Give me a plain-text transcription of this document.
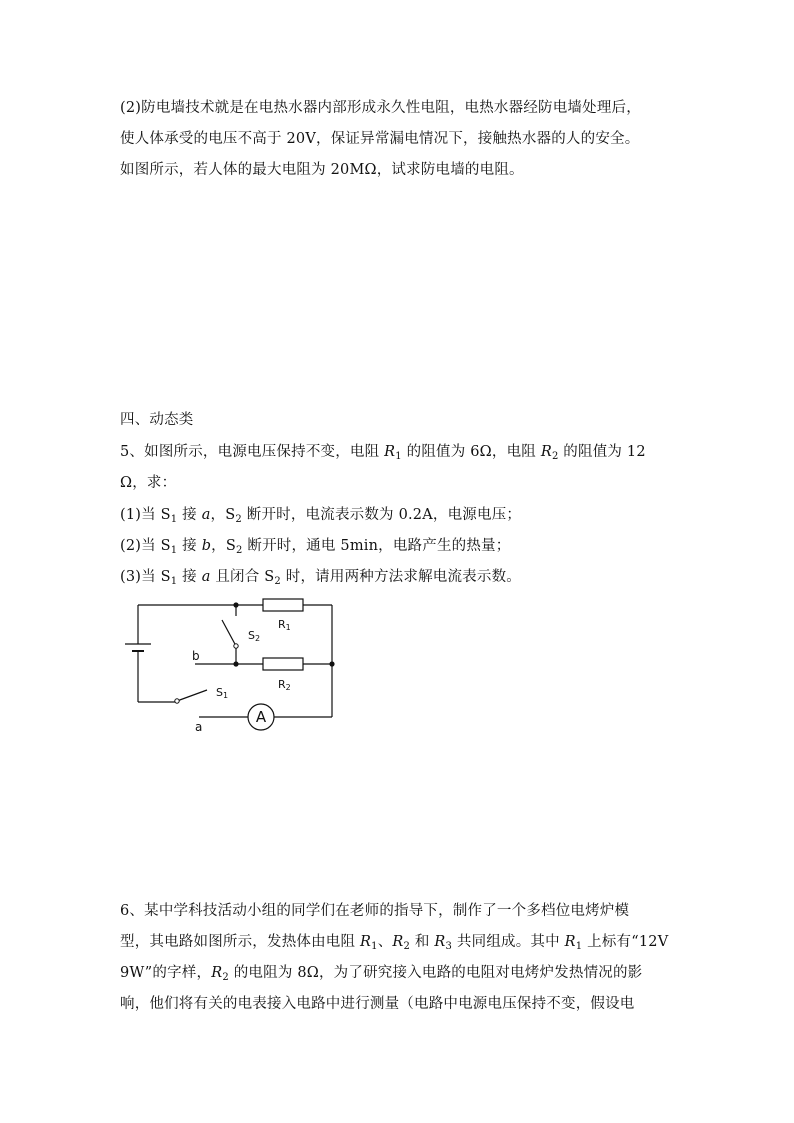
(2)防电墙技术就是在电热水器内部形成永久性电阻，电热水器经防电墙处理后，
使人体承受的电压不高于 20V，保证异常漏电情况下，接触热水器的人的安全。
如图所示，若人体的最大电阻为 20MΩ，试求防电墙的电阻。
四、动态类
5、如图所示，电源电压保持不变，电阻 $R_1$ 的阻值为 6Ω，电阻 $R_2$ 的阻值为 12
Ω，求：
(1)当 $S_1$ 接 a，$S_2$ 断开时，电流表示数为 0.2A，电源电压；
(2)当 $S_1$ 接 b，$S_2$ 断开时，通电 5min，电路产生的热量；
(3)当 $S_1$ 接 a 且闭合 $S_2$ 时，请用两种方法求解电流表示数。
R1
R2
S2
S1
b
a
A
6、某中学科技活动小组的同学们在老师的指导下，制作了一个多档位电烤炉模
型，其电路如图所示，发热体由电阻 $R_1$、$R_2$ 和 $R_3$ 共同组成。其中 $R_1$ 上标有“12V
9W”的字样，$R_2$ 的电阻为 8Ω，为了研究接入电路的电阻对电烤炉发热情况的影
响，他们将有关的电表接入电路中进行测量（电路中电源电压保持不变，假设电
